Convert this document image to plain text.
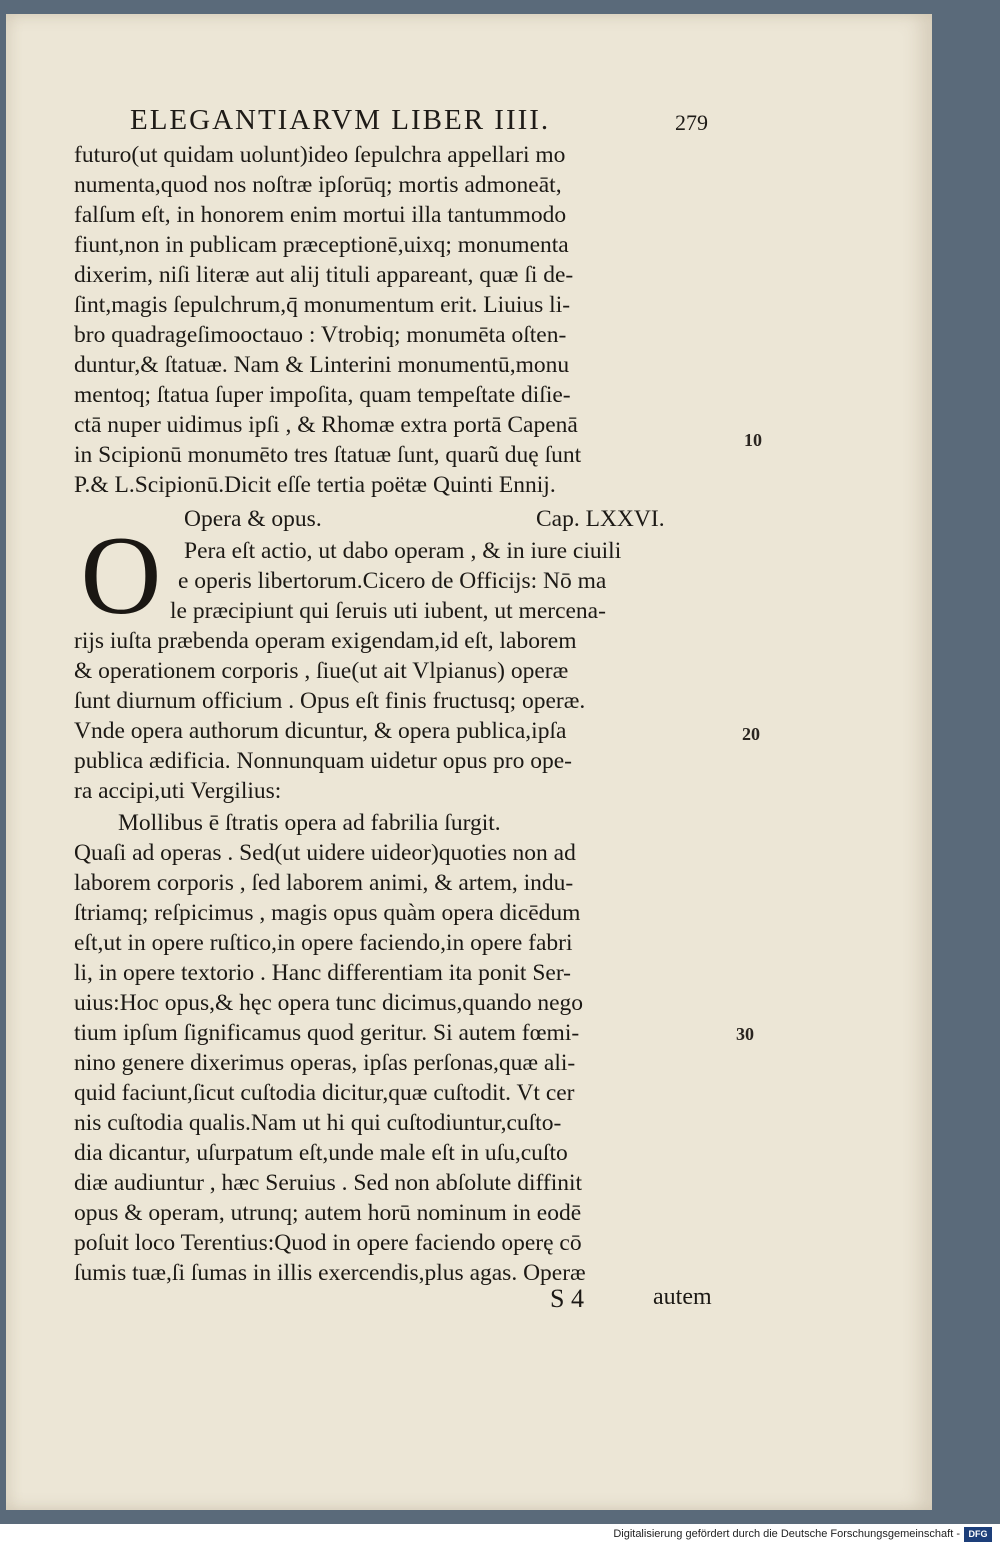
ELEGANTIARVM LIBER IIII.	279
futuro(ut quidam uolunt)ideo ſepulchra appellari mo
numenta,quod nos noſtræ ipſorūq; mortis admoneāt,
falſum eſt, in honorem enim mortui illa tantummodo
fiunt,non in publicam præceptionē,uixq; monumenta
dixerim, niſi literæ aut alij tituli appareant, quæ ſi de-
ſint,magis ſepulchrum,q̄ monumentum erit. Liuius li-
bro quadrageſimooctauo : Vtrobiq; monumēta oſten-
duntur,& ſtatuæ. Nam & Linterini monumentū,monu
mentoq; ſtatua ſuper impoſita, quam tempeſtate diſie-
ctā nuper uidimus ipſi , & Rhomæ extra portā Capenā
in Scipionū monumēto tres ſtatuæ ſunt, quarũ duę ſunt
P.& L.Scipionū.Dicit eſſe tertia poëtæ Quinti Ennij.
Opera & opus.	Cap. LXXVI.
O Pera eſt actio, ut dabo operam , & in iure ciuili
e operis libertorum.Cicero de Officijs: Nō ma
le præcipiunt qui ſeruis uti iubent, ut mercena-
rijs iuſta præbenda operam exigendam,id eſt, laborem
& operationem corporis , ſiue(ut ait Vlpianus) operæ
ſunt diurnum officium . Opus eſt finis fructusq; operæ.
Vnde opera authorum dicuntur, & opera publica,ipſa
publica ædificia. Nonnunquam uidetur opus pro ope-
ra accipi,uti Vergilius:
Mollibus ē ſtratis opera ad fabrilia ſurgit.
Quaſi ad operas . Sed(ut uidere uideor)quoties non ad
laborem corporis , ſed laborem animi, & artem, indu-
ſtriamq; reſpicimus , magis opus quàm opera dicēdum
eſt,ut in opere ruſtico,in opere faciendo,in opere fabri
li, in opere textorio . Hanc differentiam ita ponit Ser-
uius:Hoc opus,& hęc opera tunc dicimus,quando nego
tium ipſum ſignificamus quod geritur. Si autem fœmi-
nino genere dixerimus operas, ipſas perſonas,quæ ali-
quid faciunt,ſicut cuſtodia dicitur,quæ cuſtodit. Vt cer
nis cuſtodia qualis.Nam ut hi qui cuſtodiuntur,cuſto-
dia dicantur, uſurpatum eſt,unde male eſt in uſu,cuſto
diæ audiuntur , hæc Seruius . Sed non abſolute diffinit
opus & operam, utrunq; autem horū nominum in eodē
poſuit loco Terentius:Quod in opere faciendo operę cō
ſumis tuæ,ſi ſumas in illis exercendis,plus agas. Operæ
10
20
30
S 4	autem
Digitalisierung gefördert durch die Deutsche Forschungsgemeinschaft - DFG
